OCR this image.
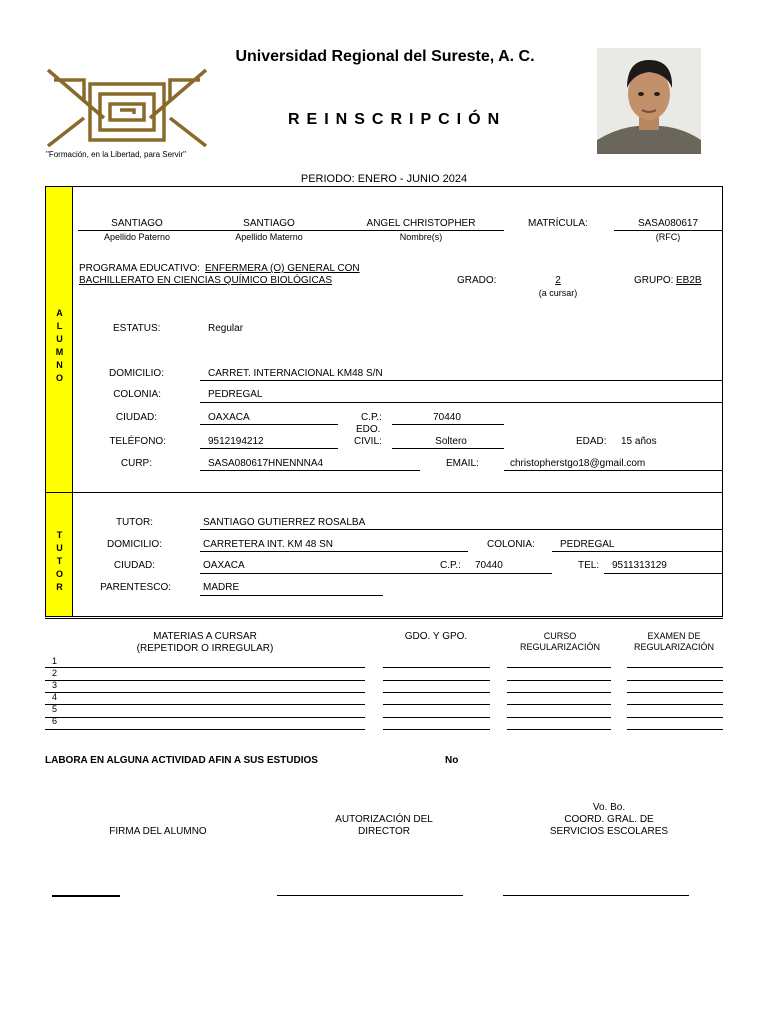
Universidad Regional del Sureste, A. C.
REINSCRIPCIÓN
"Formación, en la Libertad, para Servir"
PERIODO: ENERO - JUNIO 2024
A
L
U
M
N
O
SANTIAGO
Apellido Paterno
SANTIAGO
Apellido Materno
ANGEL CHRISTOPHER
Nombre(s)
MATRÍCULA:	SASA080617
(RFC)
PROGRAMA EDUCATIVO: ENFERMERA (O) GENERAL CON
BACHILLERATO EN CIENCIAS QUÍMICO BIOLÓGICAS	GRADO:	2
(a cursar)
GRUPO: EB2B
ESTATUS:	Regular
DOMICILIO:	CARRET. INTERNACIONAL KM48 S/N
COLONIA:	PEDREGAL
CIUDAD:	OAXACA	C.P.:	70440
EDO.
TELÉFONO:	9512194212	CIVIL:	Soltero	EDAD: 15 años
CURP:	SASA080617HNENNNA4	EMAIL:	christopherstgo18@gmail.com
T
U
T
O
R
TUTOR:	SANTIAGO GUTIERREZ ROSALBA
DOMICILIO:	CARRETERA INT. KM 48 SN	COLONIA:	PEDREGAL
CIUDAD:	OAXACA	C.P.: 70440	TEL: 9511313129
PARENTESCO:	MADRE
MATERIAS A CURSAR
(REPETIDOR O IRREGULAR)
GDO. Y GPO.	CURSO
REGULARIZACIÓN
EXAMEN DE
REGULARIZACIÓN
1
2
3
4
5
6
LABORA EN ALGUNA ACTIVIDAD AFIN A SUS ESTUDIOS	No
FIRMA DEL ALUMNO
AUTORIZACIÓN DEL
DIRECTOR
Vo. Bo.
COORD. GRAL. DE
SERVICIOS ESCOLARES
